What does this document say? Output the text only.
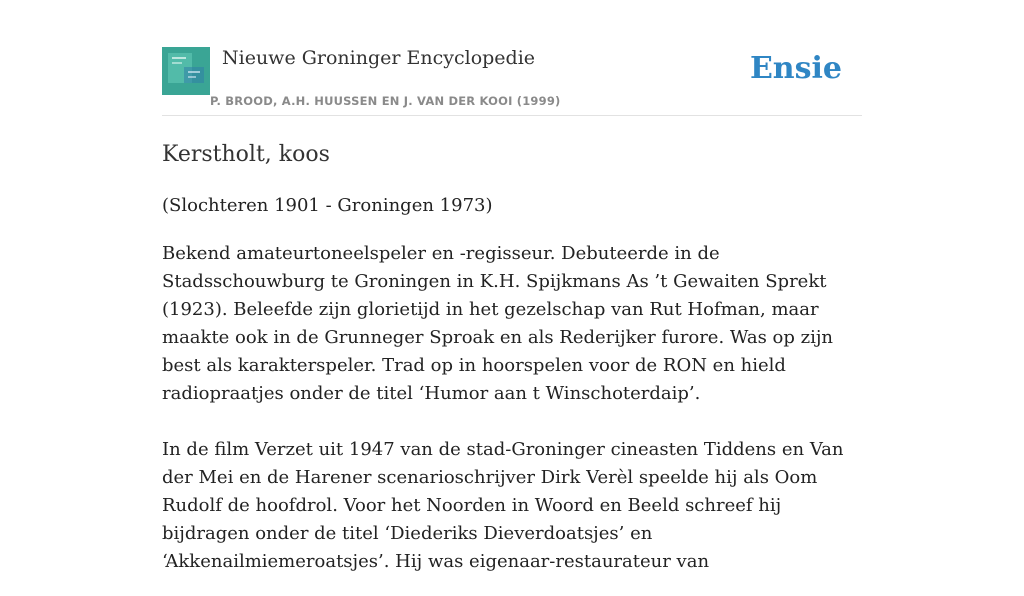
Nieuwe Groninger Encyclopedie
P. BROOD, A.H. HUUSSEN EN J. VAN DER KOOI (1999)
Ensie
Kerstholt, koos

(Slochteren 1901 - Groningen 1973)

Bekend amateurtoneelspeler en -regisseur. Debuteerde in de Stadsschouwburg te Groningen in K.H. Spijkmans As ’t Gewaiten Sprekt (1923). Beleefde zijn glorietijd in het gezelschap van Rut Hofman, maar maakte ook in de Grunneger Sproak en als Rederijker furore. Was op zijn best als karakterspeler. Trad op in hoorspelen voor de RON en hield radiopraatjes onder de titel ‘Humor aan t Winschoterdaip’.

In de film Verzet uit 1947 van de stad-Groninger cineasten Tiddens en Van der Mei en de Harener scenarioschrijver Dirk Verèl speelde hij als Oom Rudolf de hoofdrol. Voor het Noorden in Woord en Beeld schreef hij bijdragen onder de titel ‘Diederiks Dieverdoatsjes’ en ‘Akkenailmiemeroatsjes’. Hij was eigenaar-restaurateur van
